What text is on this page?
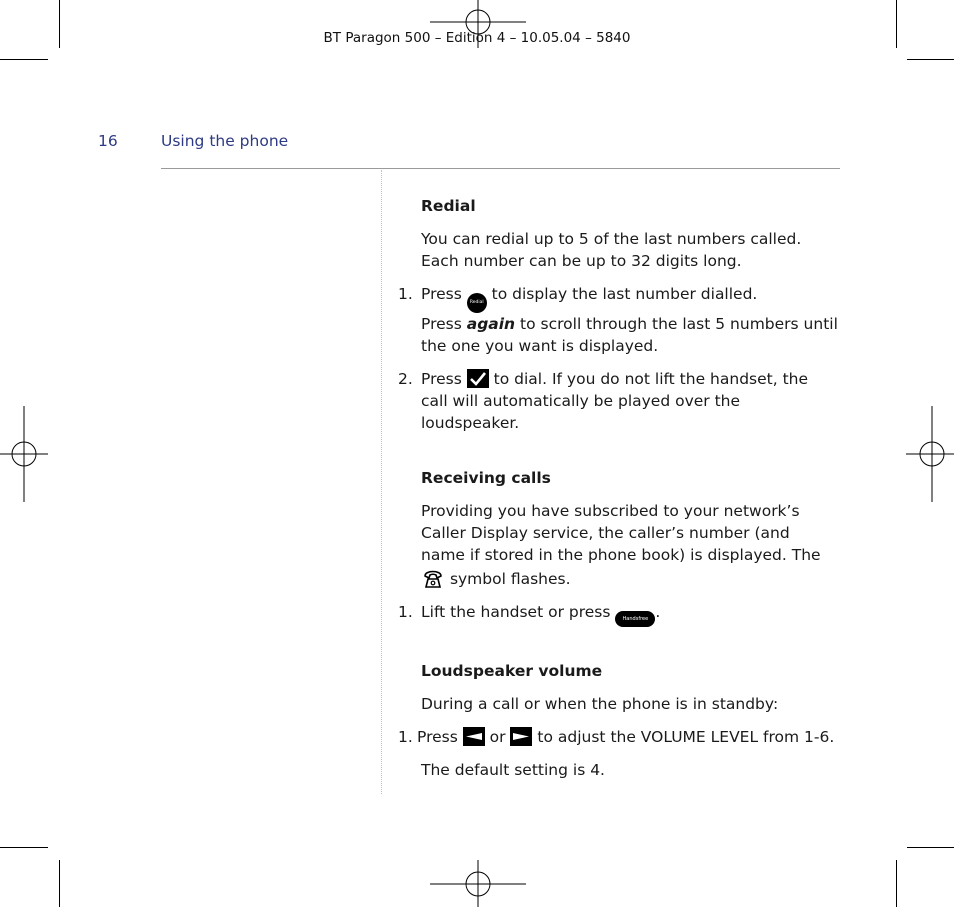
BT Paragon 500 – Edition 4 – 10.05.04 – 5840
16	Using the phone
Redial
You can redial up to 5 of the last numbers called.
Each number can be up to 32 digits long.
1. Press Redial to display the last number dialled.
Press again to scroll through the last 5 numbers until the one you want is displayed.
2. Press to dial. If you do not lift the handset, the call will automatically be played over the loudspeaker.
Receiving calls
Providing you have subscribed to your network’s Caller Display service, the caller’s number (and name if stored in the phone book) is displayed. The  symbol flashes.
1. Lift the handset or press Handsfree .
Loudspeaker volume
During a call or when the phone is in standby:
1. Press or to adjust the VOLUME LEVEL from 1-6.
The default setting is 4.
